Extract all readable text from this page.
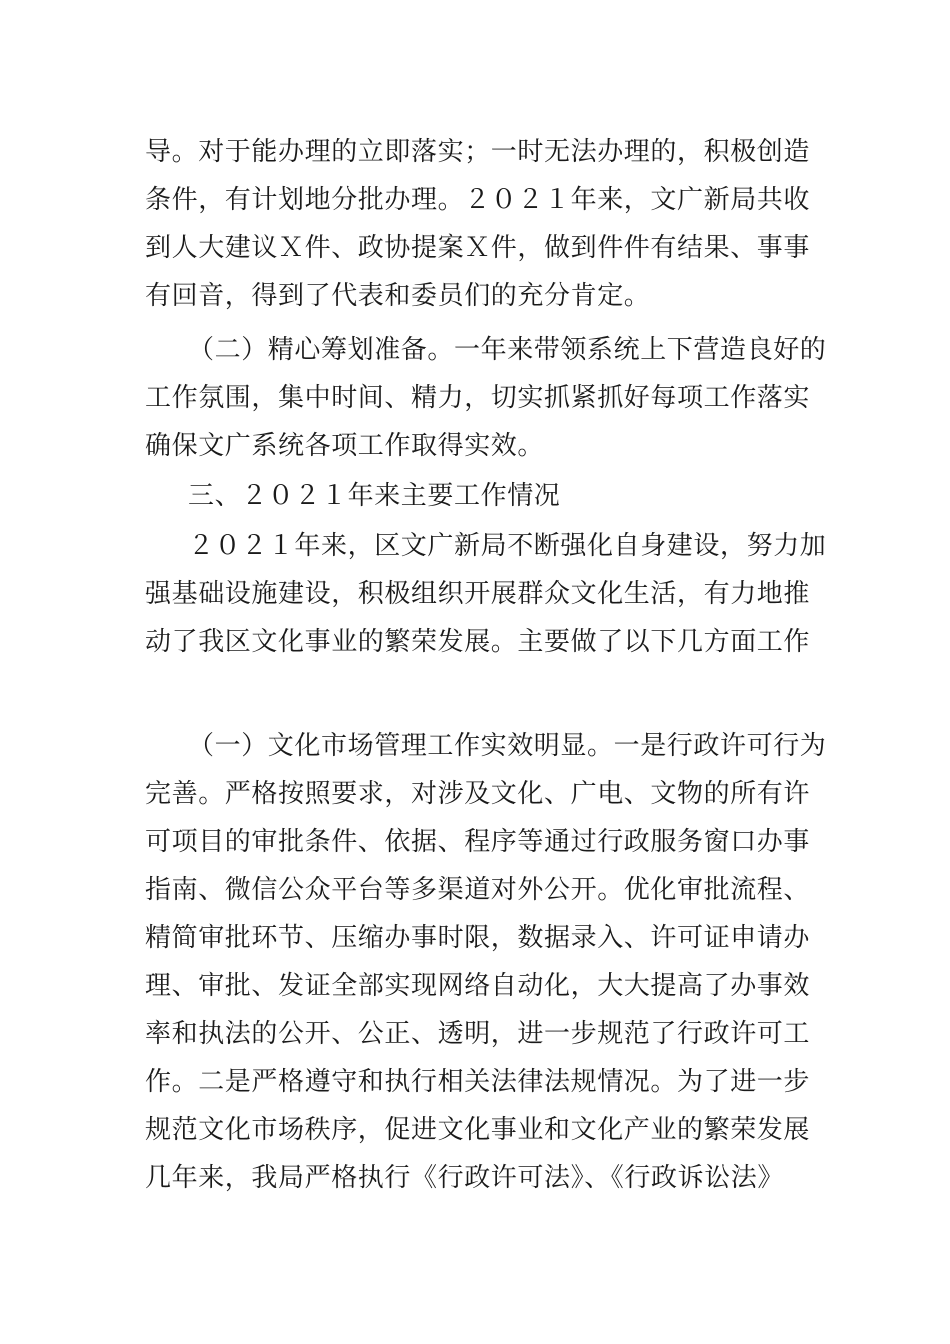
导。对于能办理的立即落实；一时无法办理的，积极创造
条件，有计划地分批办理。２０２１年来，文广新局共收
到人大建议Ｘ件、政协提案Ｘ件，做到件件有结果、事事
有回音，得到了代表和委员们的充分肯定。
（二）精心筹划准备。一年来带领系统上下营造良好的
工作氛围，集中时间、精力，切实抓紧抓好每项工作落实
确保文广系统各项工作取得实效。
三、２０２１年来主要工作情况
２０２１年来，区文广新局不断强化自身建设，努力加
强基础设施建设，积极组织开展群众文化生活，有力地推
动了我区文化事业的繁荣发展。主要做了以下几方面工作
（一）文化市场管理工作实效明显。一是行政许可行为
完善。严格按照要求，对涉及文化、广电、文物的所有许
可项目的审批条件、依据、程序等通过行政服务窗口办事
指南、微信公众平台等多渠道对外公开。优化审批流程、
精简审批环节、压缩办事时限，数据录入、许可证申请办
理、审批、发证全部实现网络自动化，大大提高了办事效
率和执法的公开、公正、透明，进一步规范了行政许可工
作。二是严格遵守和执行相关法律法规情况。为了进一步
规范文化市场秩序，促进文化事业和文化产业的繁荣发展
几年来，我局严格执行《行政许可法》、《行政诉讼法》
